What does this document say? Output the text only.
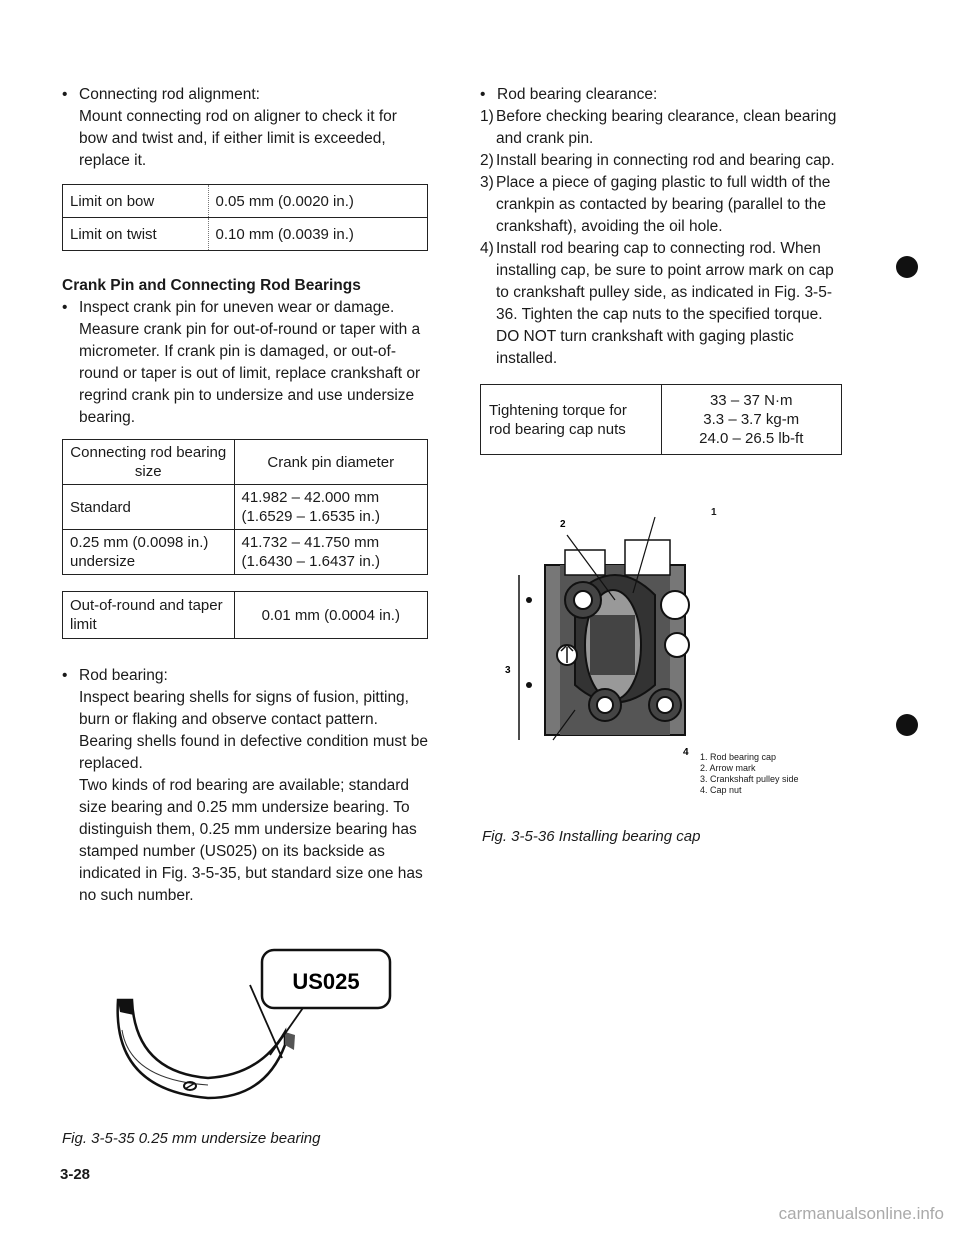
• Connecting rod alignment:

Mount connecting rod on aligner to check it for bow and twist and, if either limit is exceeded, replace it.

Limit on bow	0.05 mm (0.0020 in.)
Limit on twist	0.10 mm (0.0039 in.)

Crank Pin and Connecting Rod Bearings

• Inspect crank pin for uneven wear or damage. Measure crank pin for out-of-round or taper with a micrometer. If crank pin is damaged, or out-of-round or taper is out of limit, replace crankshaft or regrind crank pin to undersize and use undersize bearing.

Connecting rod bearing size	Crank pin diameter
Standard	41.982 – 42.000 mm (1.6529 – 1.6535 in.)
0.25 mm (0.0098 in.) undersize	41.732 – 41.750 mm (1.6430 – 1.6437 in.)
Out-of-round and taper limit	0.01 mm (0.0004 in.)

• Rod bearing:

Inspect bearing shells for signs of fusion, pitting, burn or flaking and observe contact pattern. Bearing shells found in defective condition must be replaced.

Two kinds of rod bearing are available; standard size bearing and 0.25 mm undersize bearing. To distinguish them, 0.25 mm undersize bearing has stamped number (US025) on its backside as indicated in Fig. 3-5-35, but standard size one has no such number.

US025
Fig. 3-5-35 0.25 mm undersize bearing
3-28

• Rod bearing clearance:

1) Before checking bearing clearance, clean bearing and crank pin.

2) Install bearing in connecting rod and bearing cap.

3) Place a piece of gaging plastic to full width of the crankpin as contacted by bearing (parallel to the crankshaft), avoiding the oil hole.

4) Install rod bearing cap to connecting rod. When installing cap, be sure to point arrow mark on cap to crankshaft pulley side, as indicated in Fig. 3-5-36. Tighten the cap nuts to the specified torque. DO NOT turn crankshaft with gaging plastic installed.

Tightening torque for rod bearing cap nuts	
33 – 37 N·m
3.3 – 3.7 kg-m
24.0 – 26.5 lb-ft
2
3
4
1
1. Rod bearing cap
2. Arrow mark
3. Crankshaft pulley side
4. Cap nut
Fig. 3-5-36 Installing bearing cap
carmanualsonline.info
